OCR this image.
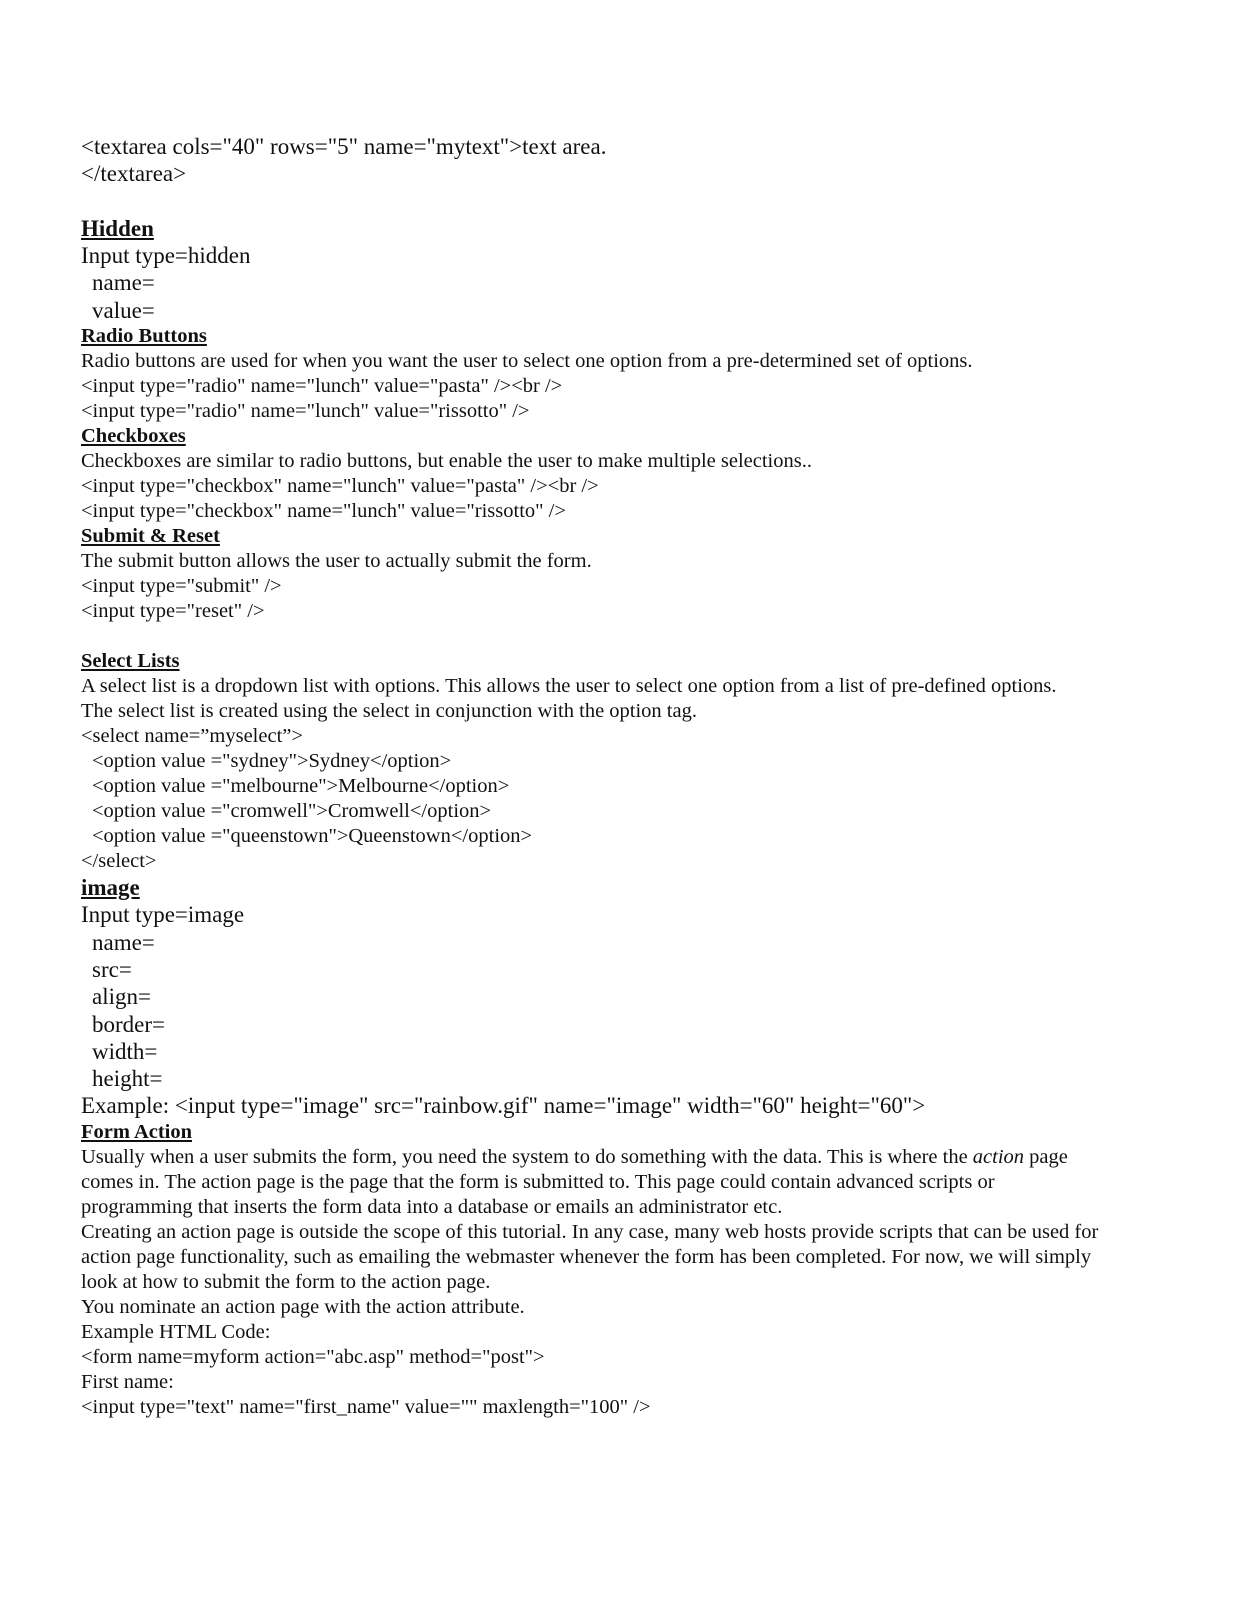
<textarea cols="40" rows="5" name="mytext">text area.
</textarea>
Hidden
Input type=hidden
name=
value=
Radio Buttons
Radio buttons are used for when you want the user to select one option from a pre-determined set of options.
<input type="radio" name="lunch" value="pasta" /><br />
<input type="radio" name="lunch" value="rissotto" />
Checkboxes
Checkboxes are similar to radio buttons, but enable the user to make multiple selections..
<input type="checkbox" name="lunch" value="pasta" /><br />
<input type="checkbox" name="lunch" value="rissotto" />
Submit & Reset
The submit button allows the user to actually submit the form.
<input type="submit" />
<input type="reset" />
Select Lists
A select list is a dropdown list with options. This allows the user to select one option from a list of pre-defined options.
The select list is created using the select in conjunction with the option tag.
<select name=”myselect”>
<option value ="sydney">Sydney</option>
<option value ="melbourne">Melbourne</option>
<option value ="cromwell">Cromwell</option>
<option value ="queenstown">Queenstown</option>
</select>
image
Input type=image
name=
src=
align=
border=
width=
height=
Example: <input type="image" src="rainbow.gif" name="image" width="60" height="60">
Form Action
Usually when a user submits the form, you need the system to do something with the data. This is where the action page
comes in. The action page is the page that the form is submitted to. This page could contain advanced scripts or
programming that inserts the form data into a database or emails an administrator etc.
Creating an action page is outside the scope of this tutorial. In any case, many web hosts provide scripts that can be used for
action page functionality, such as emailing the webmaster whenever the form has been completed. For now, we will simply
look at how to submit the form to the action page.
You nominate an action page with the action attribute.
Example HTML Code:
<form name=myform action="abc.asp" method="post">
First name:
<input type="text" name="first_name" value="" maxlength="100" />
